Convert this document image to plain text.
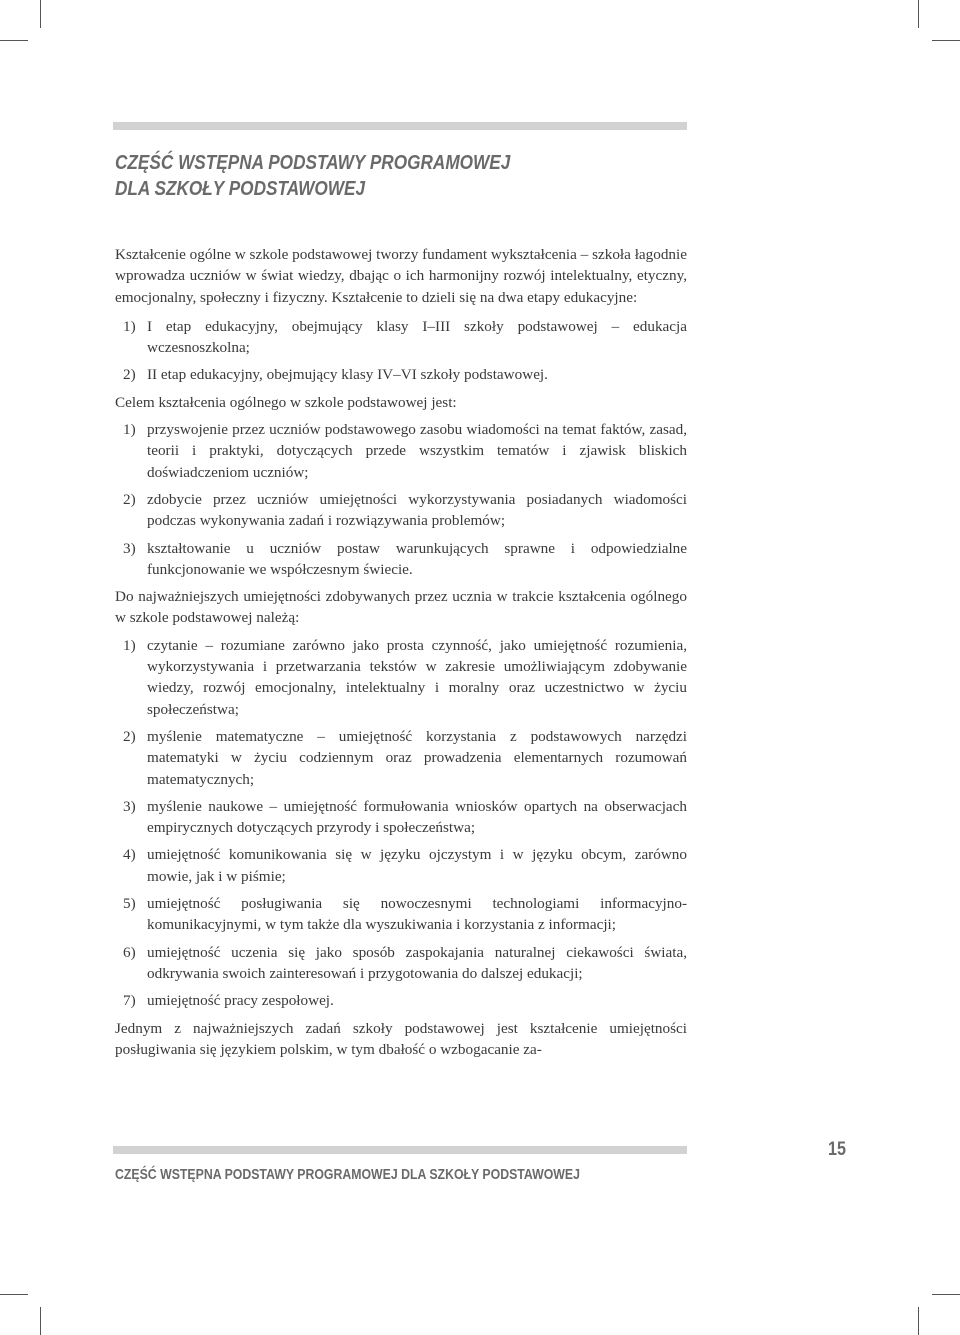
CZĘŚĆ WSTĘPNA PODSTAWY PROGRAMOWEJ
DLA SZKOŁY PODSTAWOWEJ

Kształcenie ogólne w szkole podstawowej tworzy fundament wykształcenia – szkoła łagodnie wprowadza uczniów w świat wiedzy, dbając o ich harmonijny rozwój intelektualny, etyczny, emocjonalny, społeczny i fizyczny. Kształcenie to dzieli się na dwa etapy edukacyjne:

1) I etap edukacyjny, obejmujący klasy I–III szkoły podstawowej – edukacja wczesnoszkolna;
2) II etap edukacyjny, obejmujący klasy IV–VI szkoły podstawowej.

Celem kształcenia ogólnego w szkole podstawowej jest:

1) przyswojenie przez uczniów podstawowego zasobu wiadomości na temat faktów, zasad, teorii i praktyki, dotyczących przede wszystkim tematów i zjawisk bliskich doświadczeniom uczniów;
2) zdobycie przez uczniów umiejętności wykorzystywania posiadanych wiadomości podczas wykonywania zadań i rozwiązywania problemów;
3) kształtowanie u uczniów postaw warunkujących sprawne i odpowiedzialne funkcjonowanie we współczesnym świecie.

Do najważniejszych umiejętności zdobywanych przez ucznia w trakcie kształcenia ogólnego w szkole podstawowej należą:

1) czytanie – rozumiane zarówno jako prosta czynność, jako umiejętność rozumienia, wykorzystywania i przetwarzania tekstów w zakresie umożliwiającym zdobywanie wiedzy, rozwój emocjonalny, intelektualny i moralny oraz uczestnictwo w życiu społeczeństwa;
2) myślenie matematyczne – umiejętność korzystania z podstawowych narzędzi matematyki w życiu codziennym oraz prowadzenia elementarnych rozumowań matematycznych;
3) myślenie naukowe – umiejętność formułowania wniosków opartych na obserwacjach empirycznych dotyczących przyrody i społeczeństwa;
4) umiejętność komunikowania się w języku ojczystym i w języku obcym, zarówno mowie, jak i w piśmie;
5) umiejętność posługiwania się nowoczesnymi technologiami informacyjno-komunikacyjnymi, w tym także dla wyszukiwania i korzystania z informacji;
6) umiejętność uczenia się jako sposób zaspokajania naturalnej ciekawości świata, odkrywania swoich zainteresowań i przygotowania do dalszej edukacji;
7) umiejętność pracy zespołowej.

Jednym z najważniejszych zadań szkoły podstawowej jest kształcenie umiejętności posługiwania się językiem polskim, w tym dbałość o wzbogacanie za-

CZĘŚĆ WSTĘPNA PODSTAWY PROGRAMOWEJ DLA SZKOŁY PODSTAWOWEJ
15
